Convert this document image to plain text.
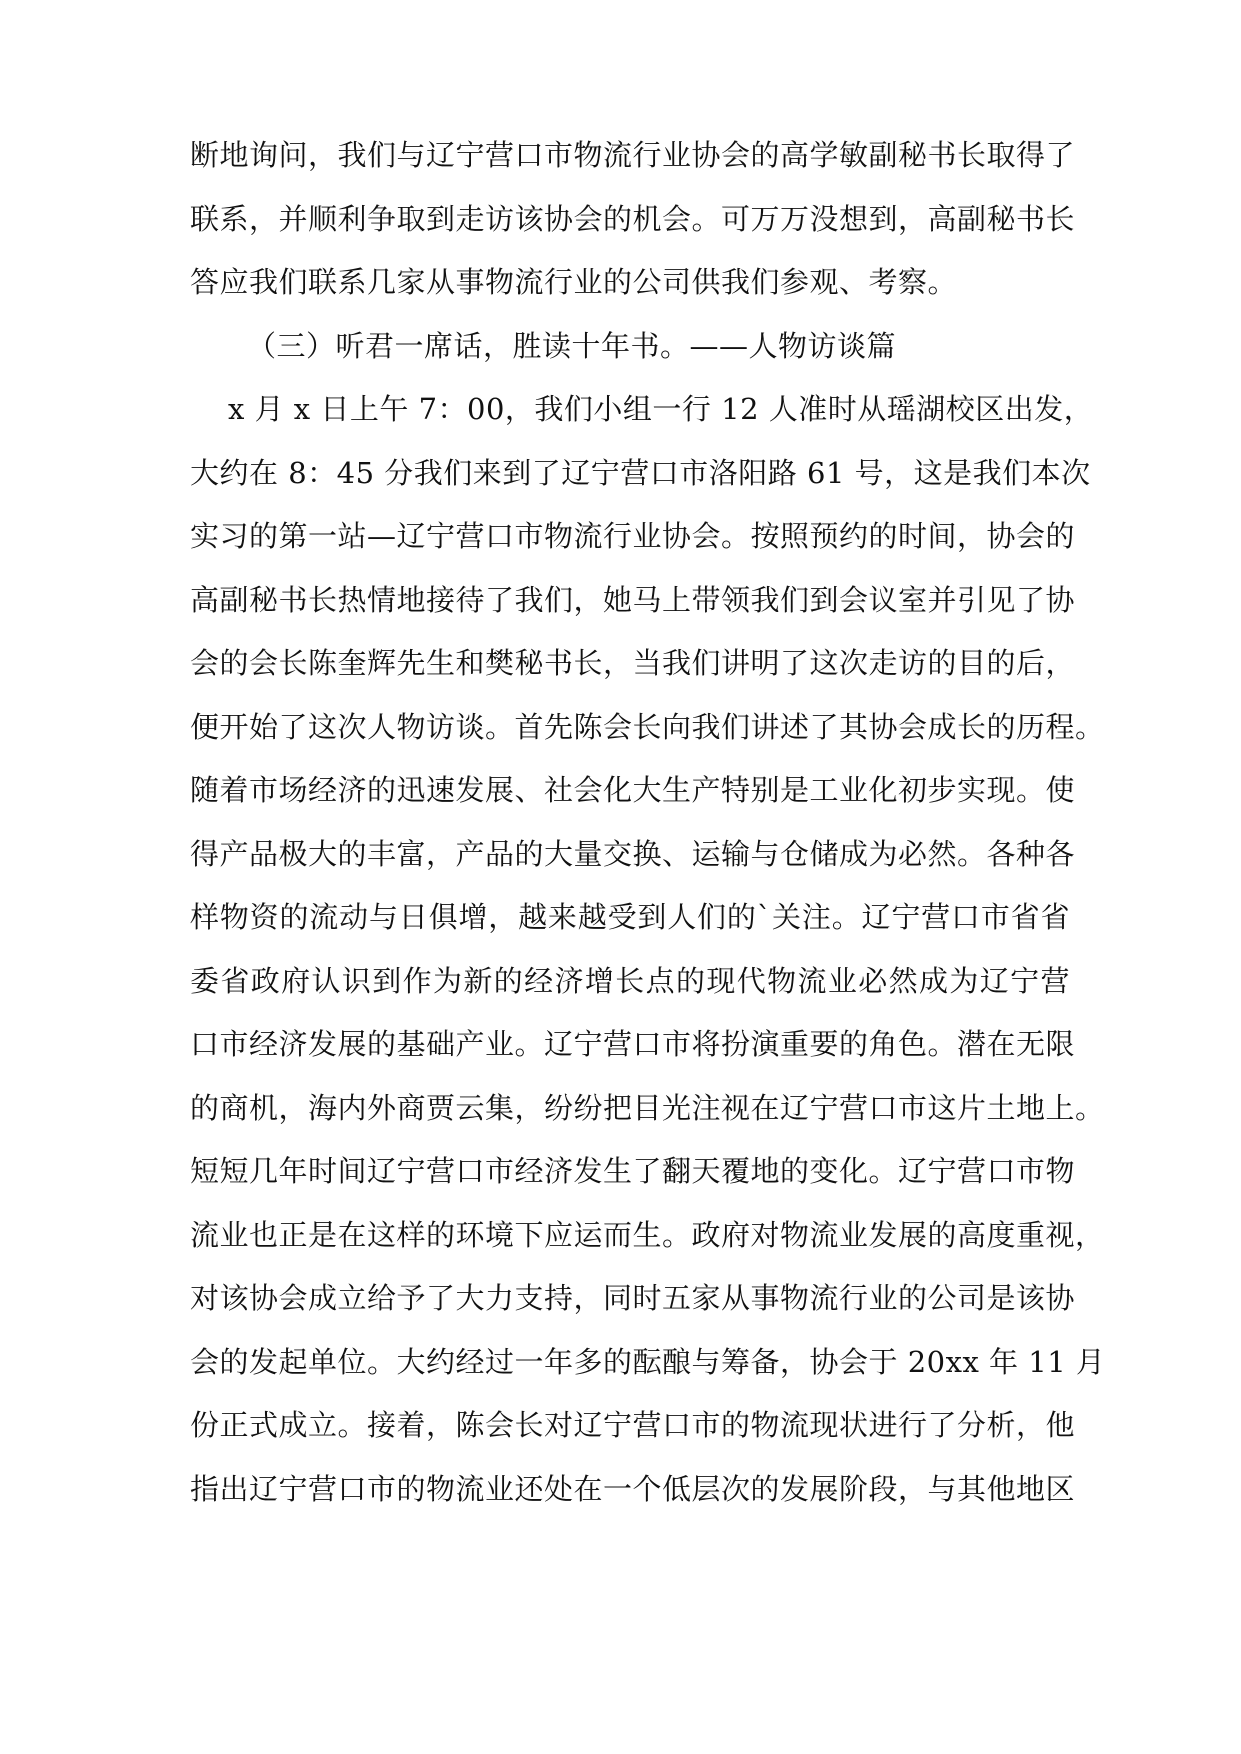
断地询问，我们与辽宁营口市物流行业协会的高学敏副秘书长取得了
联系，并顺利争取到走访该协会的机会。可万万没想到，高副秘书长
答应我们联系几家从事物流行业的公司供我们参观、考察。
（三）听君一席话，胜读十年书。——人物访谈篇
x 月 x 日上午 7：00，我们小组一行 12 人准时从瑶湖校区出发，
大约在 8：45 分我们来到了辽宁营口市洛阳路 61 号，这是我们本次
实习的第一站—辽宁营口市物流行业协会。按照预约的时间，协会的
高副秘书长热情地接待了我们，她马上带领我们到会议室并引见了协
会的会长陈奎辉先生和樊秘书长，当我们讲明了这次走访的目的后，
便开始了这次人物访谈。首先陈会长向我们讲述了其协会成长的历程。
随着市场经济的迅速发展、社会化大生产特别是工业化初步实现。使
得产品极大的丰富，产品的大量交换、运输与仓储成为必然。各种各
样物资的流动与日俱增，越来越受到人们的`关注。辽宁营口市省省
委省政府认识到作为新的经济增长点的现代物流业必然成为辽宁营
口市经济发展的基础产业。辽宁营口市将扮演重要的角色。潜在无限
的商机，海内外商贾云集，纷纷把目光注视在辽宁营口市这片土地上。
短短几年时间辽宁营口市经济发生了翻天覆地的变化。辽宁营口市物
流业也正是在这样的环境下应运而生。政府对物流业发展的高度重视，
对该协会成立给予了大力支持，同时五家从事物流行业的公司是该协
会的发起单位。大约经过一年多的酝酿与筹备，协会于 20xx 年 11 月
份正式成立。接着，陈会长对辽宁营口市的物流现状进行了分析，他
指出辽宁营口市的物流业还处在一个低层次的发展阶段，与其他地区
